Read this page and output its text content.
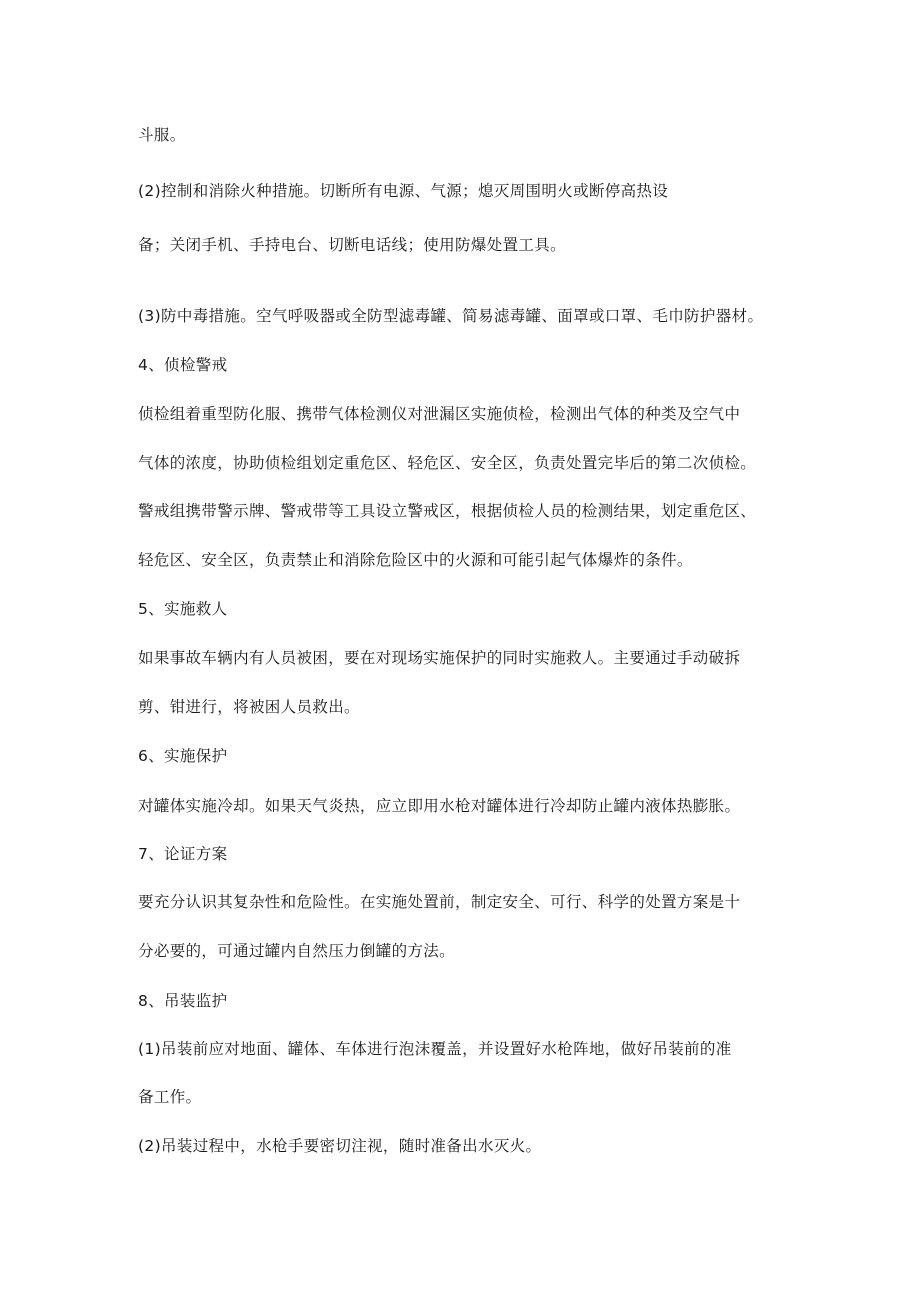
斗服。
(2)控制和消除火种措施。切断所有电源、气源；熄灭周围明火或断停高热设
备；关闭手机、手持电台、切断电话线；使用防爆处置工具。
(3)防中毒措施。空气呼吸器或全防型滤毒罐、简易滤毒罐、面罩或口罩、毛巾防护器材。
4、侦检警戒
侦检组着重型防化服、携带气体检测仪对泄漏区实施侦检，检测出气体的种类及空气中
气体的浓度，协助侦检组划定重危区、轻危区、安全区，负责处置完毕后的第二次侦检。
警戒组携带警示牌、警戒带等工具设立警戒区，根据侦检人员的检测结果，划定重危区、
轻危区、安全区，负责禁止和消除危险区中的火源和可能引起气体爆炸的条件。
5、实施救人
如果事故车辆内有人员被困，要在对现场实施保护的同时实施救人。主要通过手动破拆
剪、钳进行，将被困人员救出。
6、实施保护
对罐体实施冷却。如果天气炎热，应立即用水枪对罐体进行冷却防止罐内液体热膨胀。
7、论证方案
要充分认识其复杂性和危险性。在实施处置前，制定安全、可行、科学的处置方案是十
分必要的，可通过罐内自然压力倒罐的方法。
8、吊装监护
(1)吊装前应对地面、罐体、车体进行泡沫覆盖，并设置好水枪阵地，做好吊装前的准
备工作。
(2)吊装过程中，水枪手要密切注视，随时准备出水灭火。
